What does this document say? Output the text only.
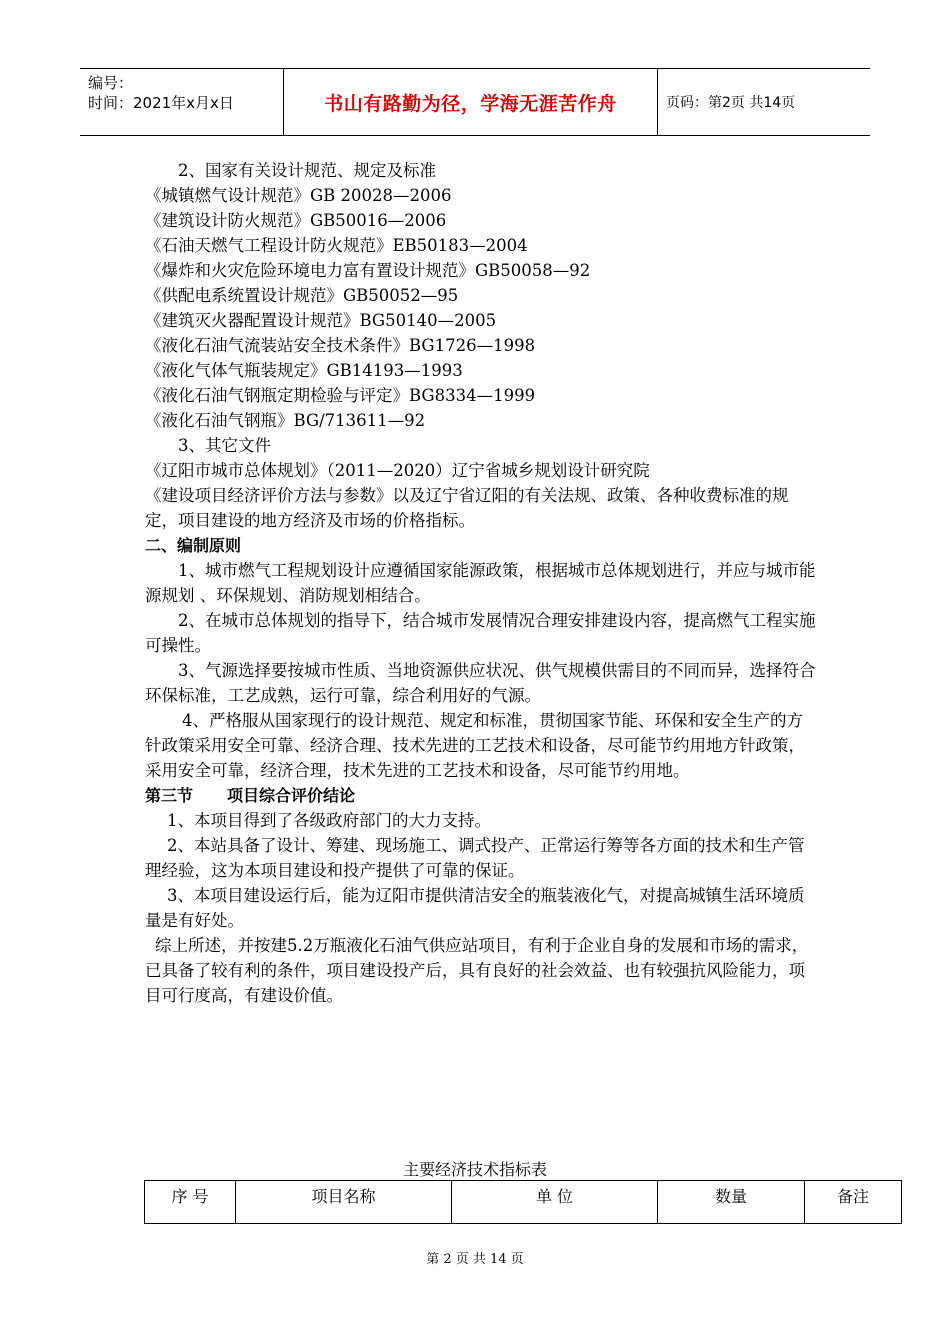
编号：
时间：2021年x月x日	书山有路勤为径，学海无涯苦作舟	页码：第2页 共14页

2、国家有关设计规范、规定及标准

《城镇燃气设计规范》GB 20028—2006

《建筑设计防火规范》GB50016—2006

《石油天燃气工程设计防火规范》EB50183—2004

《爆炸和火灾危险环境电力富有置设计规范》GB50058—92

《供配电系统置设计规范》GB50052—95

《建筑灭火器配置设计规范》BG50140—2005

《液化石油气流装站安全技术条件》BG1726—1998

《液化气体气瓶装规定》GB14193—1993

《液化石油气钢瓶定期检验与评定》BG8334—1999

《液化石油气钢瓶》BG/713611—92

3、其它文件

《辽阳市城市总体规划》（2011—2020）辽宁省城乡规划设计研究院

《建设项目经济评价方法与参数》以及辽宁省辽阳的有关法规、政策、各种收费标准的规定，项目建设的地方经济及市场的价格指标。

二、编制原则

1、城市燃气工程规划设计应遵循国家能源政策，根据城市总体规划进行，并应与城市能源规划 、环保规划、消防规划相结合。

2、在城市总体规划的指导下，结合城市发展情况合理安排建设内容，提高燃气工程实施可操性。

3、气源选择要按城市性质、当地资源供应状况、供气规模供需目的不同而异，选择符合环保标准，工艺成熟，运行可靠，综合利用好的气源。

4、严格服从国家现行的设计规范、规定和标准，贯彻国家节能、环保和安全生产的方针政策采用安全可靠、经济合理、技术先进的工艺技术和设备，尽可能节约用地方针政策，采用安全可靠，经济合理，技术先进的工艺技术和设备，尽可能节约用地。

第三节 项目综合评价结论

1、本项目得到了各级政府部门的大力支持。

2、本站具备了设计、筹建、现场施工、调式投产、正常运行筹等各方面的技术和生产管理经验，这为本项目建设和投产提供了可靠的保证。

3、本项目建设运行后，能为辽阳市提供清洁安全的瓶装液化气，对提高城镇生活环境质量是有好处。

综上所述，并按建5.2万瓶液化石油气供应站项目，有利于企业自身的发展和市场的需求，已具备了较有利的条件，项目建设投产后，具有良好的社会效益、也有较强抗风险能力，项目可行度高，有建设价值。

主要经济技术指标表
序 号	项目名称	单 位	数量	备注
第 2 页 共 14 页
